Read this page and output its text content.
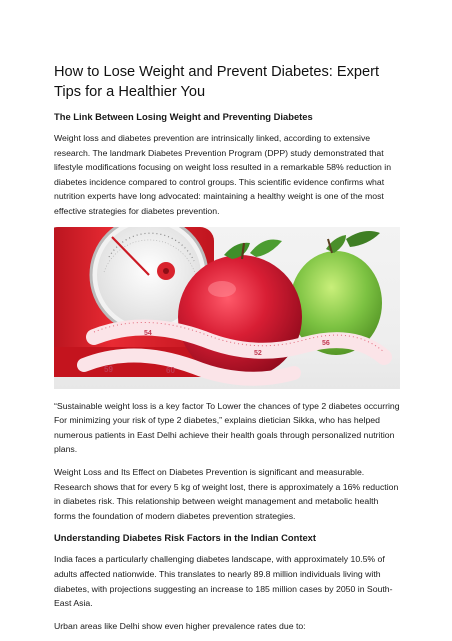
How to Lose Weight and Prevent Diabetes: Expert Tips for a Healthier You
The Link Between Losing Weight and Preventing Diabetes

Weight loss and diabetes prevention are intrinsically linked, according to extensive research. The landmark Diabetes Prevention Program (DPP) study demonstrated that lifestyle modifications focusing on weight loss resulted in a remarkable 58% reduction in diabetes incidence compared to control groups. This scientific evidence confirms what nutrition experts have long advocated: maintaining a healthy weight is one of the most effective strategies for diabetes prevention.

59	60
54
52
56

“Sustainable weight loss is a key factor To Lower the chances of type 2 diabetes occurring For minimizing your risk of type 2 diabetes,” explains dietician Sikka, who has helped numerous patients in East Delhi achieve their health goals through personalized nutrition plans.

Weight Loss and Its Effect on Diabetes Prevention is significant and measurable. Research shows that for every 5 kg of weight lost, there is approximately a 16% reduction in diabetes risk. This relationship between weight management and metabolic health forms the foundation of modern diabetes prevention strategies.

Understanding Diabetes Risk Factors in the Indian Context

India faces a particularly challenging diabetes landscape, with approximately 10.5% of adults affected nationwide. This translates to nearly 89.8 million individuals living with diabetes, with projections suggesting an increase to 185 million cases by 2050 in South-East Asia.

Urban areas like Delhi show even higher prevalence rates due to:
